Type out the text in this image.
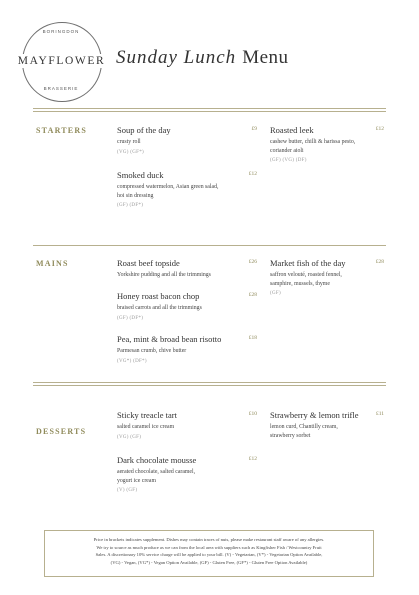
BORINGDON
MAYFLOWER
BRASSERIE
Sunday Lunch Menu
STARTERS	Soup of the day	£9
crusty roll
(VG) (GF*)
Smoked duck	£12
compressed watermelon, Asian green salad,
hoi sin dressing
(GF) (DF*)
Roasted leek	£12
cashew butter, chilli & harissa pesto,
coriander aioli
(GF) (VG) (DF)
MAINS	Roast beef topside	£26
Yorkshire pudding and all the trimmings
Honey roast bacon chop	£28
braised carrots and all the trimmings
(GF) (DF*)
Pea, mint & broad bean risotto	£18
Parmesan crumb, chive butter
(VG*) (DF*)
Market fish of the day	£28
saffron velouté, roasted fennel,
samphire, mussels, thyme
(GF)
DESSERTS
Sticky treacle tart	£10
salted caramel ice cream
(VG) (GF)
Dark chocolate mousse	£12
aerated chocolate, salted caramel,
yogurt ice cream
(V) (GF)
Strawberry & lemon trifle	£11
lemon curd, Chantilly cream,
strawberry sorbet

Price in brackets indicates supplement. Dishes may contain traces of nuts, please make restaurant staff aware of any allergies.

We try to source as much produce as we can from the local area with suppliers such as Kingfisher Fish / Westcountry Fruit

Sales. A discretionary 10% service charge will be applied to your bill. (V) - Vegetarian, (V*) - Vegetarian Option Available,

(VG) - Vegan, (VG*) - Vegan Option Available, (GF) - Gluten Free, (GF*) - Gluten Free Option Available)
